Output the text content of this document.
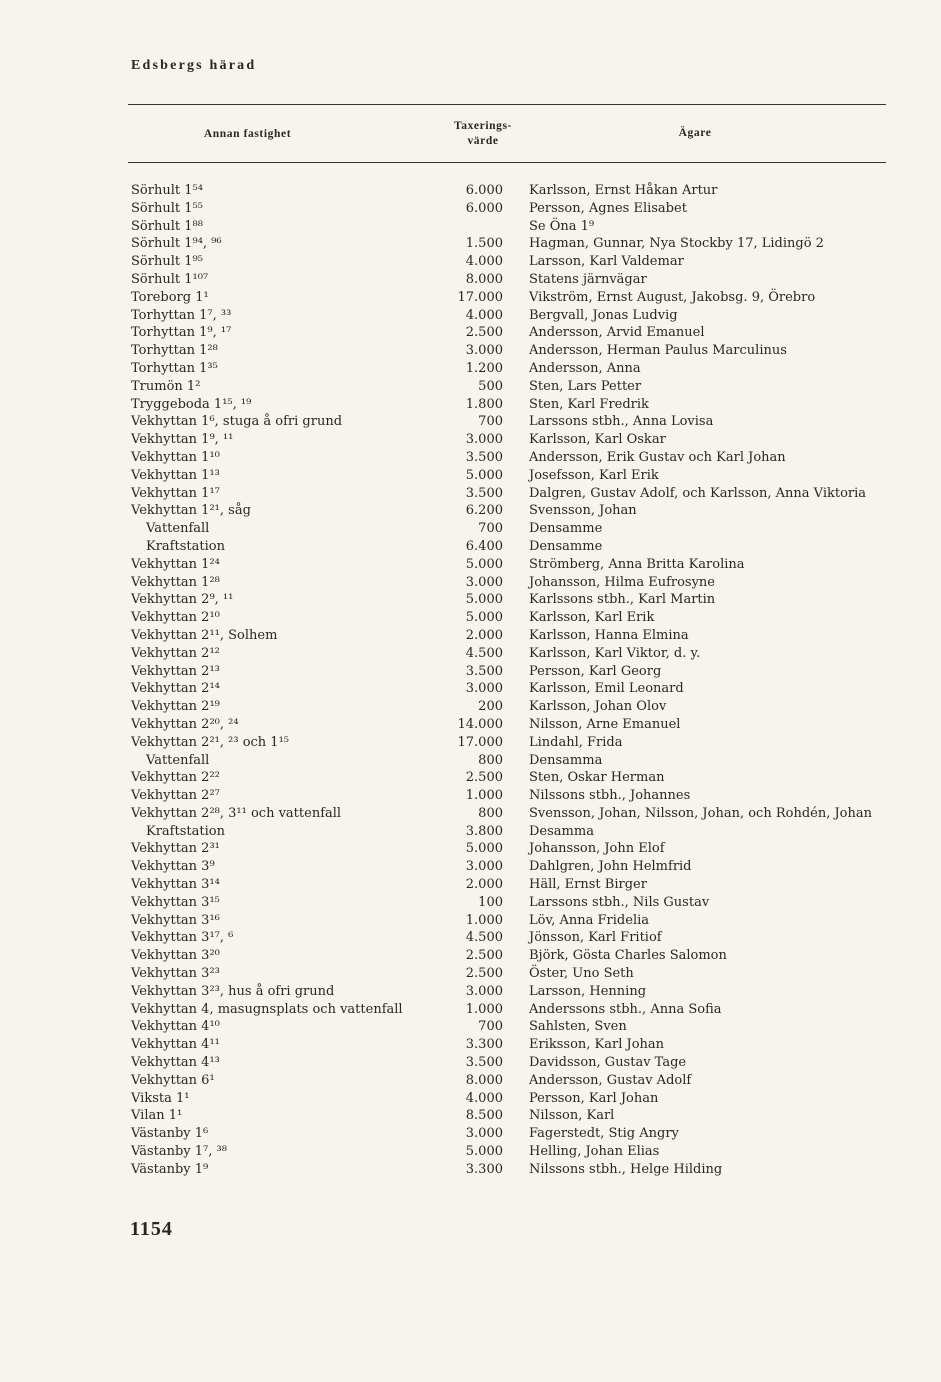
Edsbergs härad
Annan fastighet
Taxerings-
värde
Ägare
Sörhult 1⁵⁴	6.000 Karlsson, Ernst Håkan Artur
Sörhult 1⁵⁵	6.000 Persson, Agnes Elisabet
Sörhult 1⁸⁸	Se Öna 1⁹
Sörhult 1⁹⁴, ⁹⁶	1.500 Hagman, Gunnar, Nya Stockby 17, Lidingö 2
Sörhult 1⁹⁵	4.000 Larsson, Karl Valdemar
Sörhult 1¹⁰⁷	8.000 Statens järnvägar
Toreborg 1¹	17.000 Vikström, Ernst August, Jakobsg. 9, Örebro
Torhyttan 1⁷, ³³	4.000 Bergvall, Jonas Ludvig
Torhyttan 1⁹, ¹⁷	2.500 Andersson, Arvid Emanuel
Torhyttan 1²⁸	3.000 Andersson, Herman Paulus Marculinus
Torhyttan 1³⁵	1.200 Andersson, Anna
Trumön 1²	500 Sten, Lars Petter
Tryggeboda 1¹⁵, ¹⁹	1.800 Sten, Karl Fredrik
Vekhyttan 1⁶, stuga å ofri grund	700 Larssons stbh., Anna Lovisa
Vekhyttan 1⁹, ¹¹	3.000 Karlsson, Karl Oskar
Vekhyttan 1¹⁰	3.500 Andersson, Erik Gustav och Karl Johan
Vekhyttan 1¹³	5.000 Josefsson, Karl Erik
Vekhyttan 1¹⁷	3.500 Dalgren, Gustav Adolf, och Karlsson, Anna Viktoria
Vekhyttan 1²¹, såg	6.200 Svensson, Johan
Vattenfall	700 Densamme
Kraftstation	6.400 Densamme
Vekhyttan 1²⁴	5.000 Strömberg, Anna Britta Karolina
Vekhyttan 1²⁸	3.000 Johansson, Hilma Eufrosyne
Vekhyttan 2⁹, ¹¹	5.000 Karlssons stbh., Karl Martin
Vekhyttan 2¹⁰	5.000 Karlsson, Karl Erik
Vekhyttan 2¹¹, Solhem	2.000 Karlsson, Hanna Elmina
Vekhyttan 2¹²	4.500 Karlsson, Karl Viktor, d. y.
Vekhyttan 2¹³	3.500 Persson, Karl Georg
Vekhyttan 2¹⁴	3.000 Karlsson, Emil Leonard
Vekhyttan 2¹⁹	200 Karlsson, Johan Olov
Vekhyttan 2²⁰, ²⁴	14.000 Nilsson, Arne Emanuel
Vekhyttan 2²¹, ²³ och 1¹⁵	17.000 Lindahl, Frida
Vattenfall	800 Densamma
Vekhyttan 2²²	2.500 Sten, Oskar Herman
Vekhyttan 2²⁷	1.000 Nilssons stbh., Johannes
Vekhyttan 2²⁸, 3¹¹ och vattenfall	800 Svensson, Johan, Nilsson, Johan, och Rohdén, Johan
Kraftstation	3.800 Desamma
Vekhyttan 2³¹	5.000 Johansson, John Elof
Vekhyttan 3⁹	3.000 Dahlgren, John Helmfrid
Vekhyttan 3¹⁴	2.000 Häll, Ernst Birger
Vekhyttan 3¹⁵	100 Larssons stbh., Nils Gustav
Vekhyttan 3¹⁶	1.000 Löv, Anna Fridelia
Vekhyttan 3¹⁷, ⁶	4.500 Jönsson, Karl Fritiof
Vekhyttan 3²⁰	2.500 Björk, Gösta Charles Salomon
Vekhyttan 3²³	2.500 Öster, Uno Seth
Vekhyttan 3²³, hus å ofri grund	3.000 Larsson, Henning
Vekhyttan 4, masugnsplats och vattenfall	1.000 Anderssons stbh., Anna Sofia
Vekhyttan 4¹⁰	700 Sahlsten, Sven
Vekhyttan 4¹¹	3.300 Eriksson, Karl Johan
Vekhyttan 4¹³	3.500 Davidsson, Gustav Tage
Vekhyttan 6¹	8.000 Andersson, Gustav Adolf
Viksta 1¹	4.000 Persson, Karl Johan
Vilan 1¹	8.500 Nilsson, Karl
Västanby 1⁶	3.000 Fagerstedt, Stig Angry
Västanby 1⁷, ³⁸	5.000 Helling, Johan Elias
Västanby 1⁹	3.300 Nilssons stbh., Helge Hilding
1154
